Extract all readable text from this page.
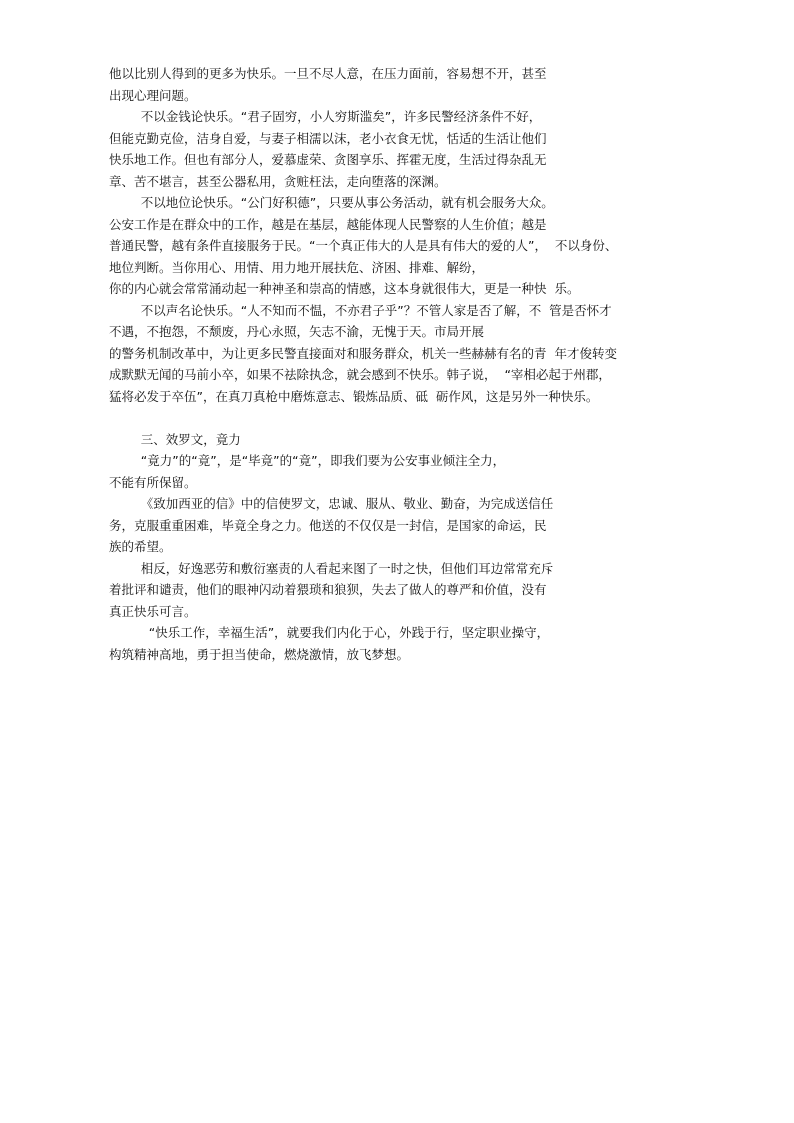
他以比别人得到的更多为快乐。一旦不尽人意，在压力面前，容易想不开，甚至

出现心理问题。

不以金钱论快乐。“君子固穷，小人穷斯滥矣”，许多民警经济条件不好，

但能克勤克俭，洁身自爱，与妻子相濡以沫，老小衣食无忧，恬适的生活让他们

快乐地工作。但也有部分人，爱慕虚荣、贪图享乐、挥霍无度，生活过得杂乱无

章、苦不堪言，甚至公器私用，贪赃枉法，走向堕落的深渊。

不以地位论快乐。“公门好积德”，只要从事公务活动，就有机会服务大众。

公安工作是在群众中的工作，越是在基层，越能体现人民警察的人生价值；越是

普通民警，越有条件直接服务于民。“一个真正伟大的人是具有伟大的爱的人”，  不以身份、

地位判断。当你用心、用情、用力地开展扶危、济困、排难、解纷，

你的内心就会常常涌动起一种神圣和崇高的情感，这本身就很伟大，更是一种快  乐。

不以声名论快乐。“人不知而不愠，不亦君子乎”？不管人家是否了解，不  管是否怀才

不遇，不抱怨，不颓废，丹心永照，矢志不渝，无愧于天。市局开展

的警务机制改革中，为让更多民警直接面对和服务群众，机关一些赫赫有名的青  年才俊转变

成默默无闻的马前小卒，如果不祛除执念，就会感到不快乐。韩子说，  “宰相必起于州郡，

猛将必发于卒伍”，在真刀真枪中磨炼意志、锻炼品质、砥  砺作风，这是另外一种快乐。

三、效罗文，竟力

“竟力”的“竟”，是“毕竟”的“竟”，即我们要为公安事业倾注全力，

不能有所保留。

《致加西亚的信》中的信使罗文，忠诚、服从、敬业、勤奋，为完成送信任

务，克服重重困难，毕竟全身之力。他送的不仅仅是一封信，是国家的命运，民

族的希望。

相反，好逸恶劳和敷衍塞责的人看起来图了一时之快，但他们耳边常常充斥

着批评和谴责，他们的眼神闪动着猥琐和狼狈，失去了做人的尊严和价值，没有

真正快乐可言。

“快乐工作，幸福生活”，就要我们内化于心，外践于行，坚定职业操守，

构筑精神高地，勇于担当使命，燃烧激情，放飞梦想。
